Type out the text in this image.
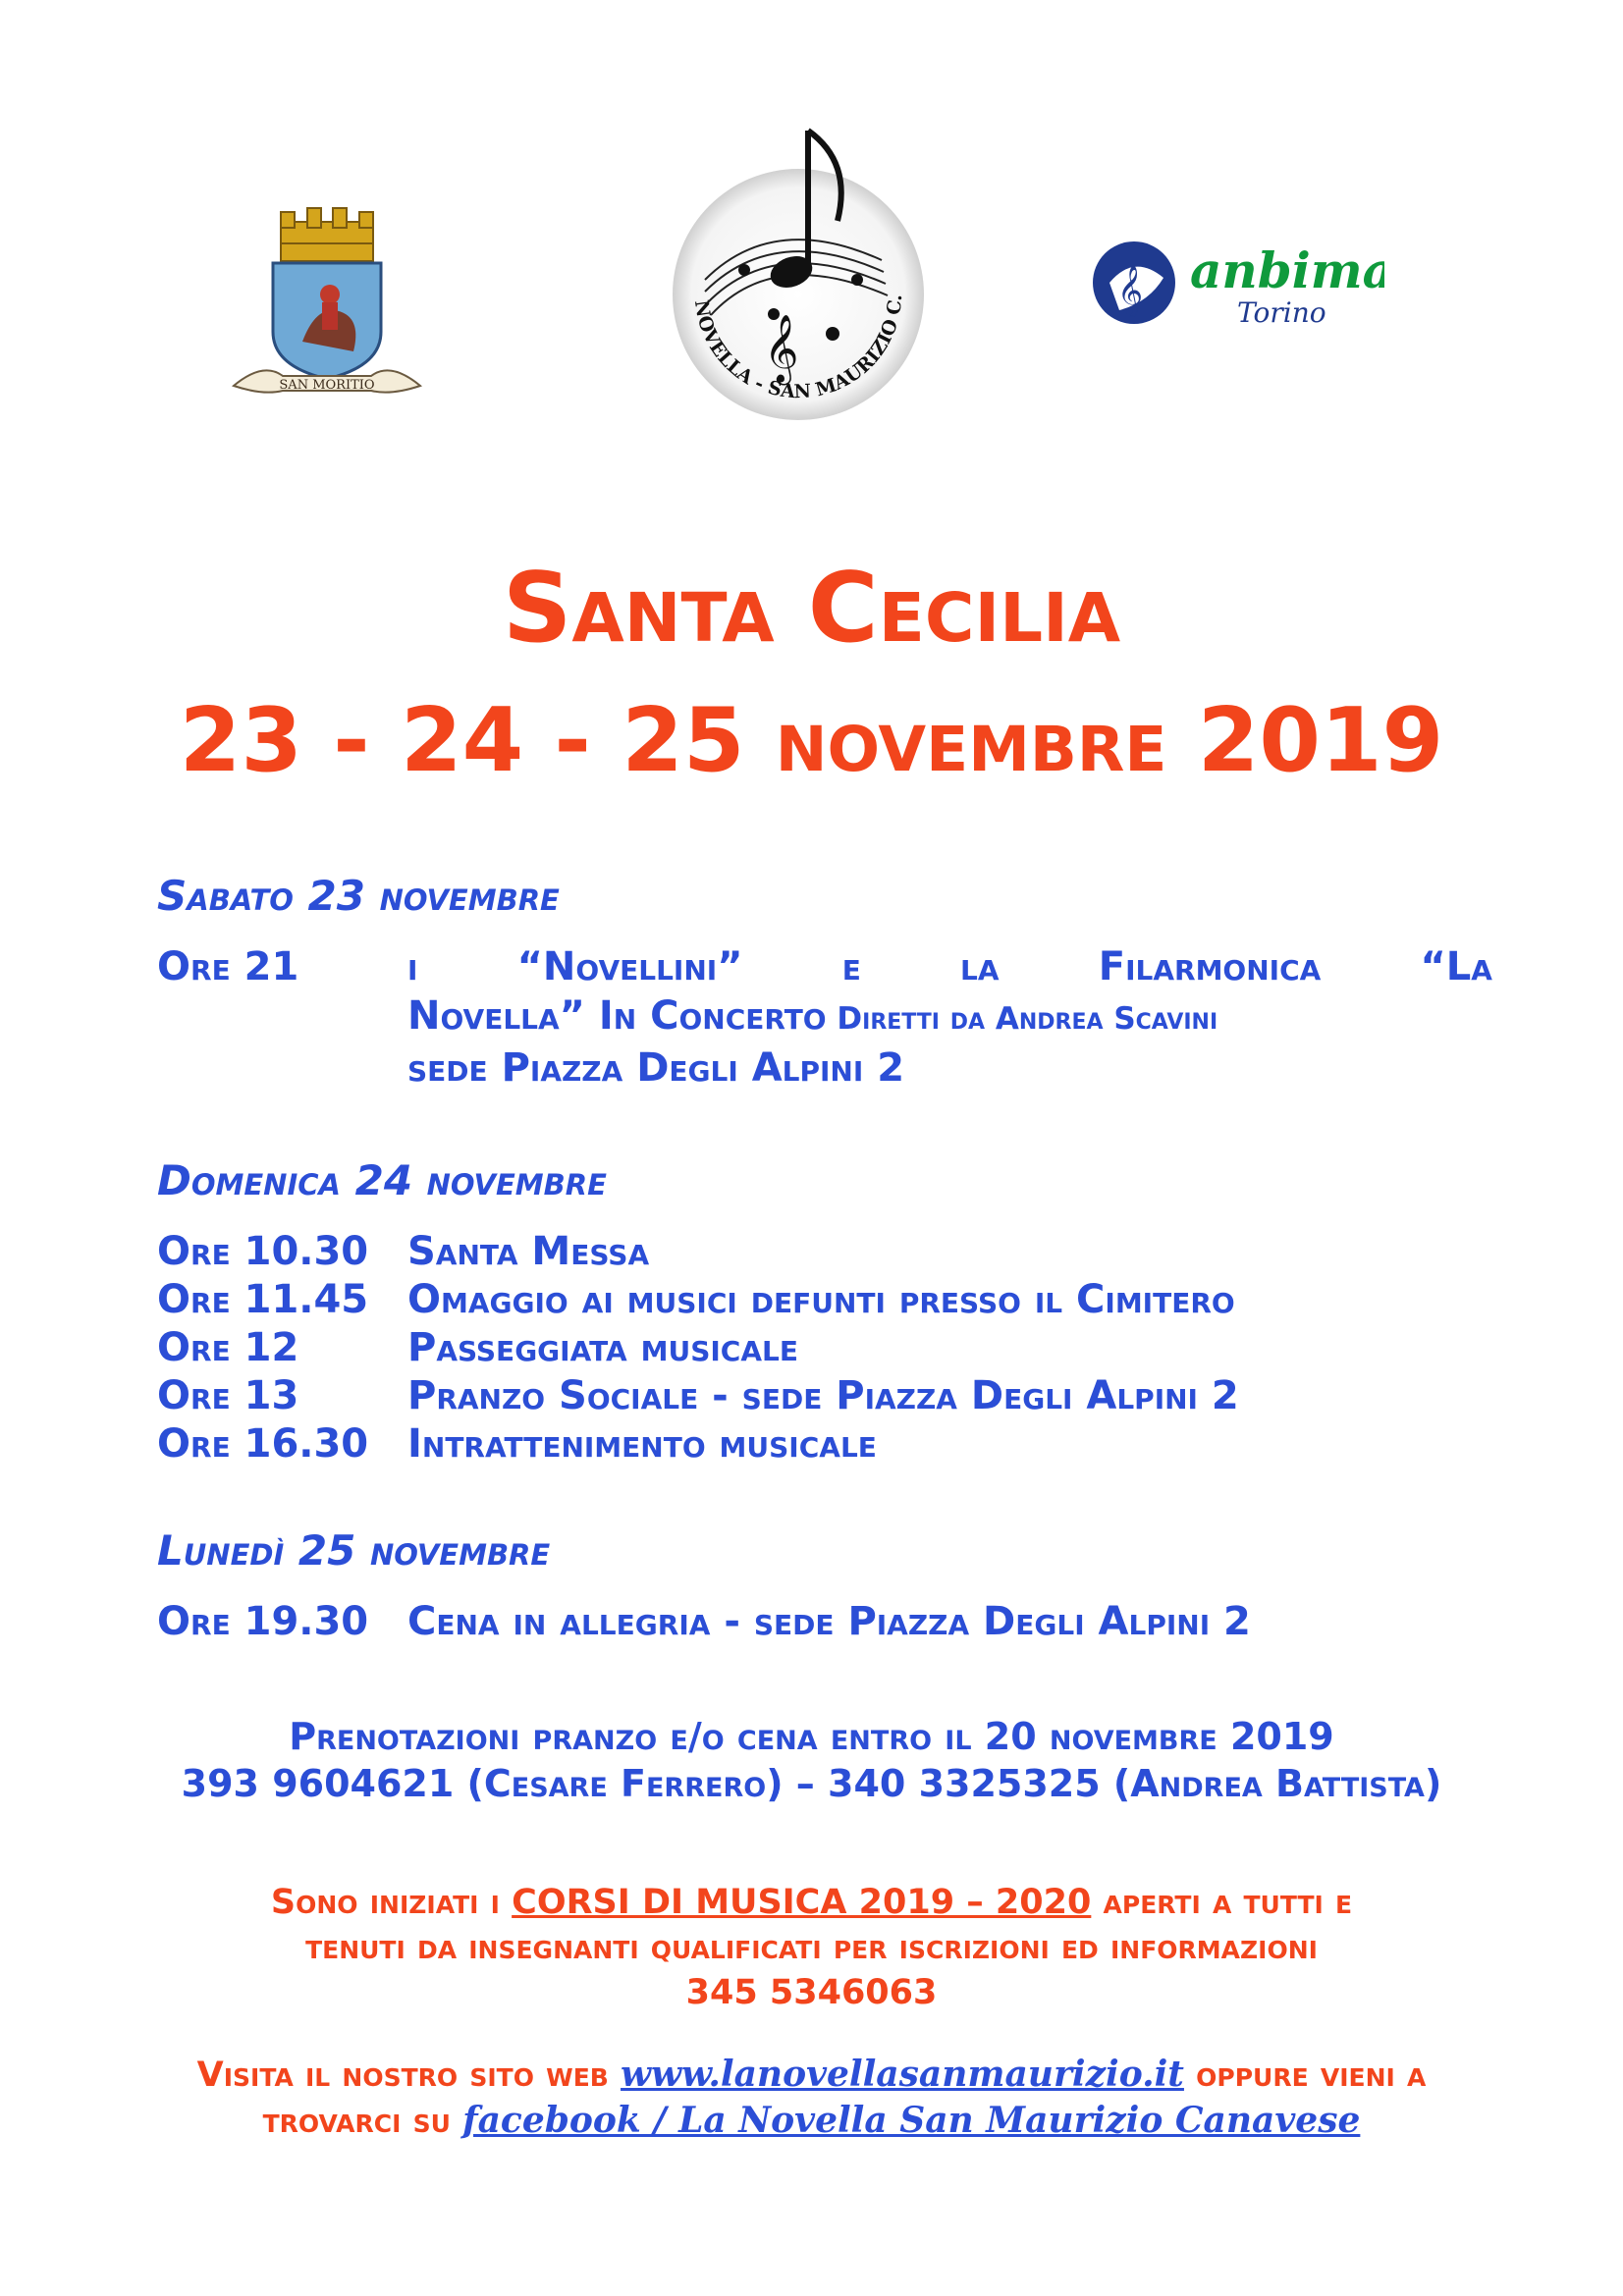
SAN MORITIO
𝄞
NOVELLA - SAN MAURIZIO C.	𝄞 anbima
Torino
Santa Cecilia
23 - 24 - 25 novembre 2019
Sabato 23 novembre
Ore 21	i	“Novellini”	e	la	Filarmonica	“La
Novella” In Concerto Diretti da Andrea Scavini
sede Piazza Degli Alpini 2
Domenica 24 novembre
Ore 10.30 Santa Messa
Ore 11.45 Omaggio ai musici defunti presso il Cimitero
Ore 12	Passeggiata musicale
Ore 13	Pranzo Sociale - sede Piazza Degli Alpini 2
Ore 16.30 Intrattenimento musicale
Lunedì 25 novembre
Ore 19.30 Cena in allegria - sede Piazza Degli Alpini 2
Prenotazioni pranzo e/o cena entro il 20 novembre 2019
393 9604621 (Cesare Ferrero) – 340 3325325 (Andrea Battista)
Sono iniziati i CORSI DI MUSICA 2019 – 2020 aperti a tutti e
tenuti da insegnanti qualificati per iscrizioni ed informazioni
345 5346063
Visita il nostro sito web www.lanovellasanmaurizio.it oppure vieni a
trovarci su facebook / La Novella San Maurizio Canavese
